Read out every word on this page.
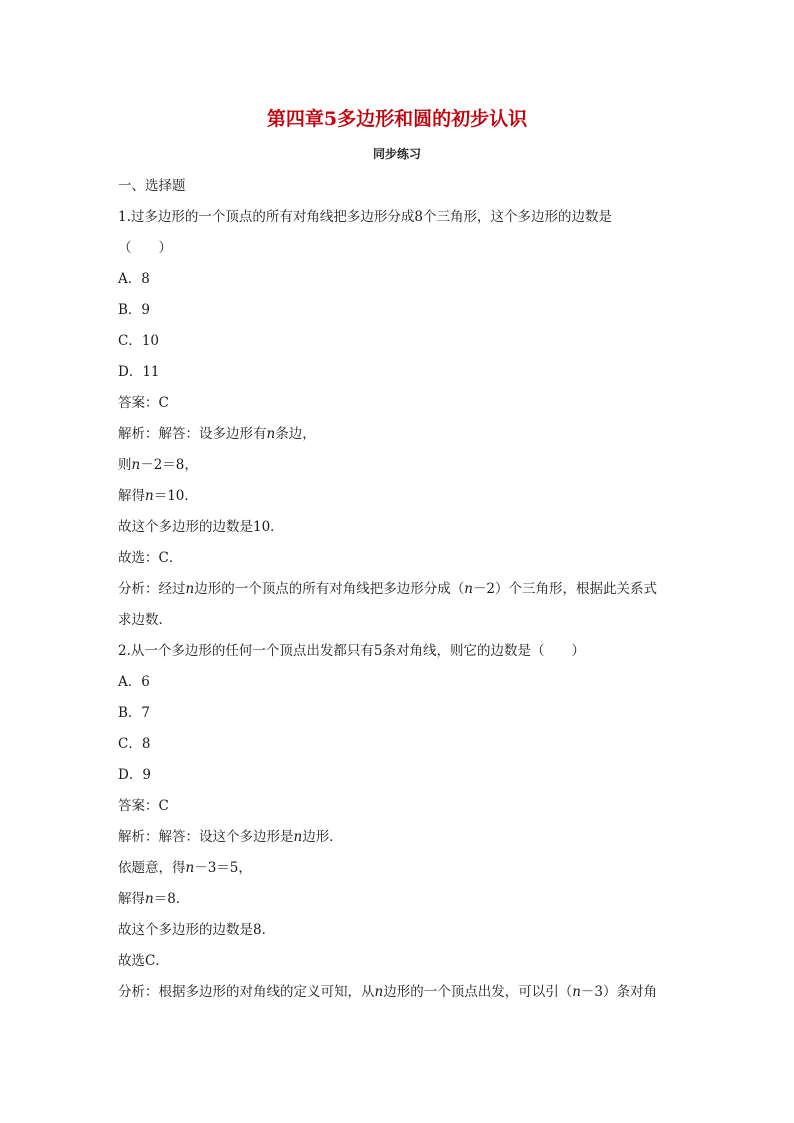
第四章5多边形和圆的初步认识
同步练习
一、选择题
1.过多边形的一个顶点的所有对角线把多边形分成8个三角形，这个多边形的边数是
（　　）
A．8
B．9
C．10
D．11
答案：C
解析：解答：设多边形有n条边，
则n－2＝8，
解得n＝10．
故这个多边形的边数是10．
故选：C．
分析：经过n边形的一个顶点的所有对角线把多边形分成（n－2）个三角形，根据此关系式
求边数．
2.从一个多边形的任何一个顶点出发都只有5条对角线，则它的边数是（　　）
A．6
B．7
C．8
D．9
答案：C
解析：解答：设这个多边形是n边形．
依题意，得n－3＝5，
解得n＝8．
故这个多边形的边数是8．
故选C．
分析：根据多边形的对角线的定义可知，从n边形的一个顶点出发，可以引（n－3）条对角
